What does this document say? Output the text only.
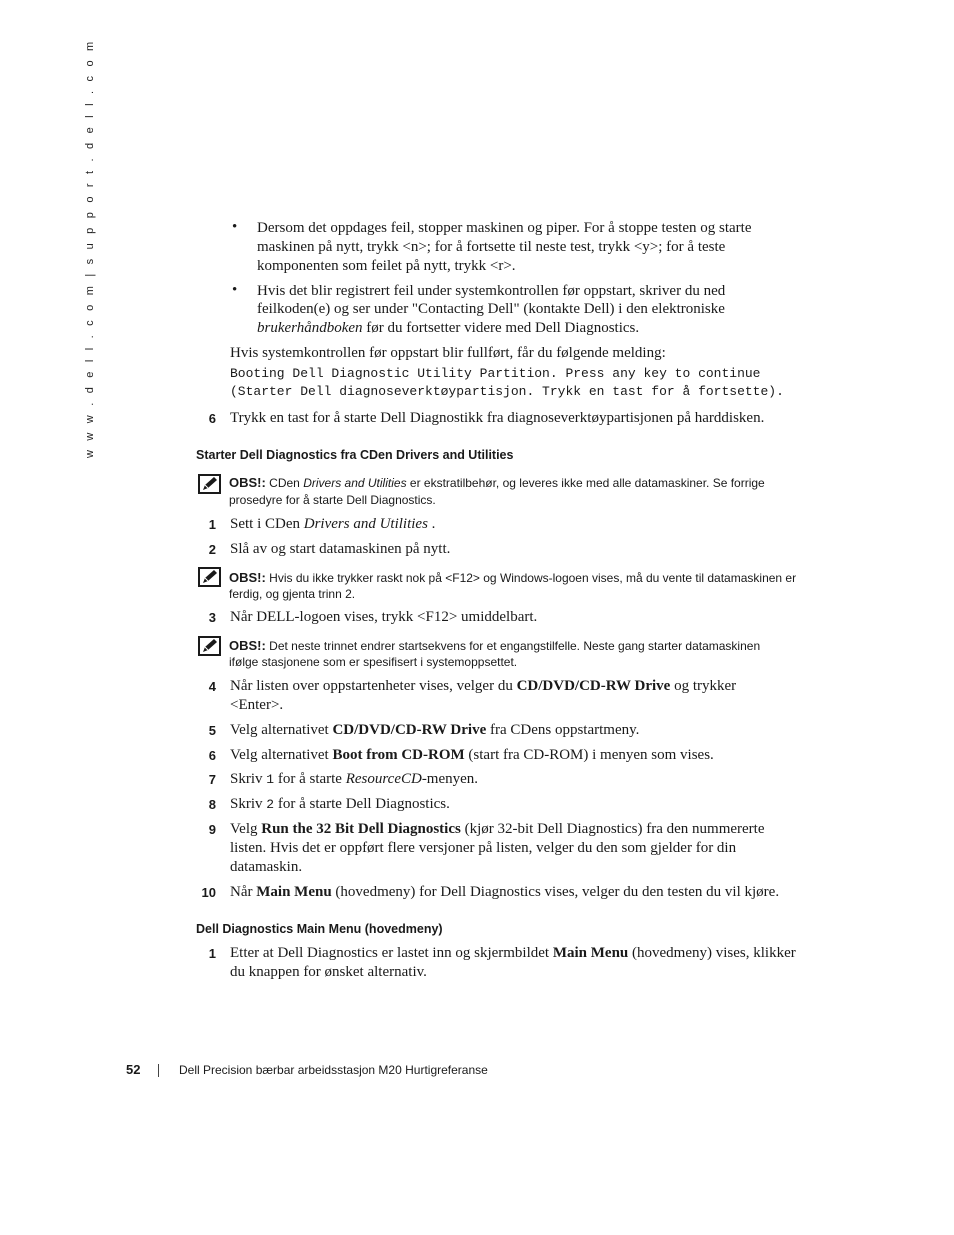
w w w . d e l l . c o m | s u p p o r t . d e l l . c o m	• Dersom det oppdages feil, stopper maskinen og piper. For å stoppe testen og starte
maskinen på nytt, trykk <n>; for å fortsette til neste test, trykk <y>; for å teste
komponenten som feilet på nytt, trykk <r>.
• Hvis det blir registrert feil under systemkontrollen før oppstart, skriver du ned
feilkoden(e) og ser under "Contacting Dell" (kontakte Dell) i den elektroniske
brukerhåndboken før du fortsetter videre med Dell Diagnostics.
Hvis systemkontrollen før oppstart blir fullført, får du følgende melding:
Booting Dell Diagnostic Utility Partition. Press any key to continue
(Starter Dell diagnoseverktøypartisjon. Trykk en tast for å fortsette).
6 Trykk en tast for å starte Dell Diagnostikk fra diagnoseverktøypartisjonen på harddisken.
Starter Dell Diagnostics fra CDen Drivers and Utilities
OBS!: CDen Drivers and Utilities er ekstratilbehør, og leveres ikke med alle datamaskiner. Se forrige
prosedyre for å starte Dell Diagnostics.
1 Sett i CDen Drivers and Utilities .
2 Slå av og start datamaskinen på nytt.
OBS!: Hvis du ikke trykker raskt nok på <F12> og Windows-logoen vises, må du vente til datamaskinen er
ferdig, og gjenta trinn 2.
3 Når DELL-logoen vises, trykk <F12> umiddelbart.
OBS!: Det neste trinnet endrer startsekvens for et engangstilfelle. Neste gang starter datamaskinen
ifølge stasjonene som er spesifisert i systemoppsettet.
4 Når listen over oppstartenheter vises, velger du CD/DVD/CD-RW Drive og trykker
<Enter>.
5 Velg alternativet CD/DVD/CD-RW Drive fra CDens oppstartmeny.
6 Velg alternativet Boot from CD-ROM (start fra CD-ROM) i menyen som vises.
7 Skriv 1 for å starte ResourceCD-menyen.
8 Skriv 2 for å starte Dell Diagnostics.
9 Velg Run the 32 Bit Dell Diagnostics (kjør 32-bit Dell Diagnostics) fra den nummererte
listen. Hvis det er oppført flere versjoner på listen, velger du den som gjelder for din
datamaskin.
10 Når Main Menu (hovedmeny) for Dell Diagnostics vises, velger du den testen du vil kjøre.
Dell Diagnostics Main Menu (hovedmeny)
1 Etter at Dell Diagnostics er lastet inn og skjermbildet Main Menu (hovedmeny) vises, klikker
du knappen for ønsket alternativ.
52	Dell Precision bærbar arbeidsstasjon M20 Hurtigreferanse
